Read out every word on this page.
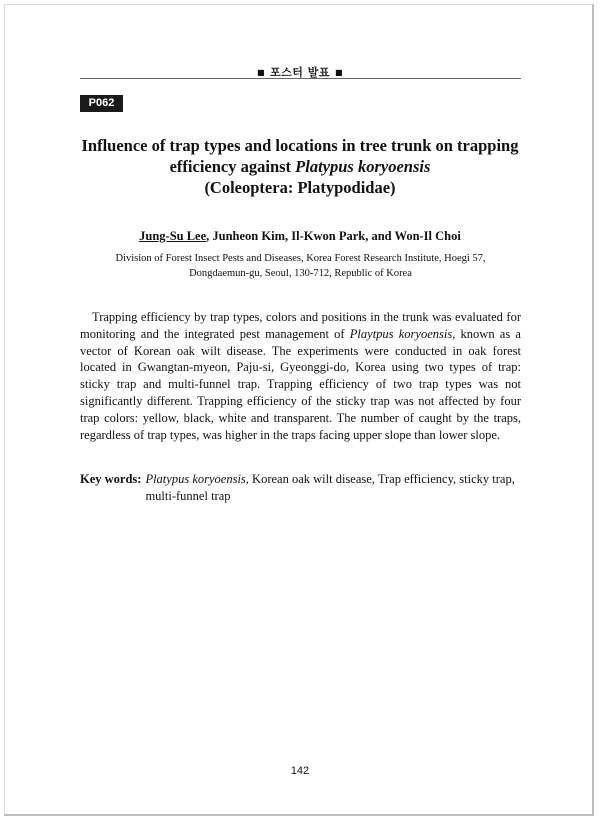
■ 포스터 발표 ■
P062
Influence of trap types and locations in tree trunk on trapping
efficiency against Platypus koryoensis
(Coleoptera: Platypodidae)
Jung-Su Lee, Junheon Kim, Il-Kwon Park, and Won-Il Choi
Division of Forest Insect Pests and Diseases, Korea Forest Research Institute, Hoegi 57,
Dongdaemun-gu, Seoul, 130-712, Republic of Korea
Trapping efficiency by trap types, colors and positions in the trunk was evaluated for monitoring and the integrated pest management of Playtpus koryoensis, known as a vector of Korean oak wilt disease. The experiments were conducted in oak forest located in Gwangtan-myeon, Paju-si, Gyeonggi-do, Korea using two types of trap: sticky trap and multi-funnel trap. Trapping efficiency of two trap types was not significantly different. Trapping efficiency of the sticky trap was not affected by four trap colors: yellow, black, white and transparent. The number of caught by the traps, regardless of trap types, was higher in the traps facing upper slope than lower slope.
Key words: Platypus koryoensis, Korean oak wilt disease, Trap efficiency, sticky trap, multi-funnel trap
142
